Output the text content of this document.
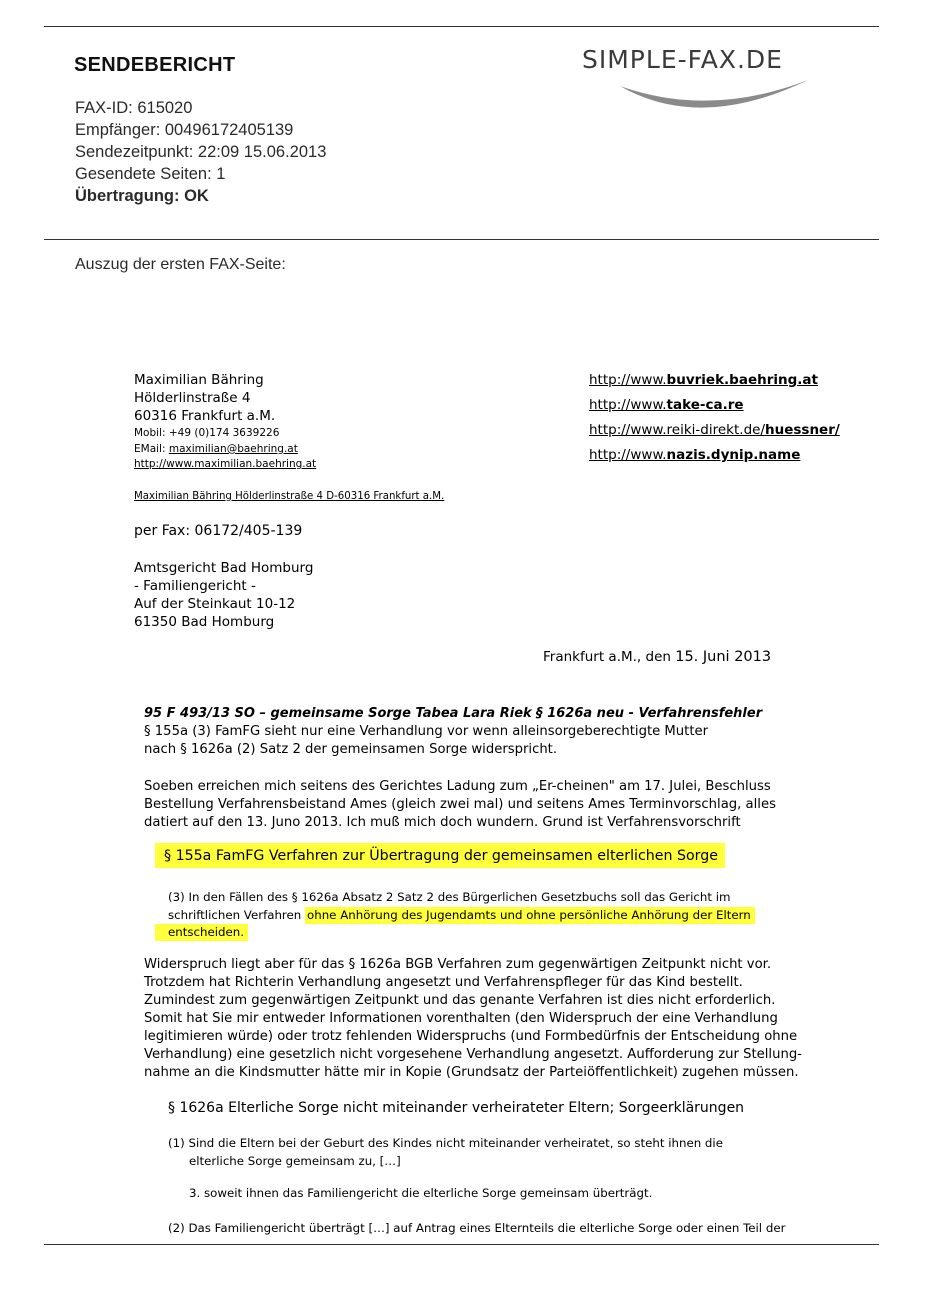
SENDEBERICHT	SIMPLE-FAX.DE
FAX-ID: 615020
Empfänger: 00496172405139
Sendezeitpunkt: 22:09 15.06.2013
Gesendete Seiten: 1
Übertragung: OK
Auszug der ersten FAX-Seite:
Maximilian Bähring
Hölderlinstraße 4
60316 Frankfurt a.M.
Mobil: +49 (0)174 3639226
EMail: maximilian@baehring.at
http://www.maximilian.baehring.at
http://www.buvriek.baehring.at
http://www.take-ca.re
http://www.reiki-direkt.de/huessner/
http://www.nazis.dynip.name
Maximilian Bähring Hölderlinstraße 4 D-60316 Frankfurt a.M.
per Fax: 06172/405-139
Amtsgericht Bad Homburg
- Familiengericht -
Auf der Steinkaut 10-12
61350 Bad Homburg
Frankfurt a.M., den 15. Juni 2013
95 F 493/13 SO – gemeinsame Sorge Tabea Lara Riek § 1626a neu - Verfahrensfehler
§ 155a (3) FamFG sieht nur eine Verhandlung vor wenn alleinsorgeberechtigte Mutter
nach § 1626a (2) Satz 2 der gemeinsamen Sorge widerspricht.
Soeben erreichen mich seitens des Gerichtes Ladung zum „Er-cheinen" am 17. Julei, Beschluss
Bestellung Verfahrensbeistand Ames (gleich zwei mal) und seitens Ames Terminvorschlag, alles
datiert auf den 13. Juno 2013. Ich muß mich doch wundern. Grund ist Verfahrensvorschrift
§ 155a FamFG Verfahren zur Übertragung der gemeinsamen elterlichen Sorge
(3) In den Fällen des § 1626a Absatz 2 Satz 2 des Bürgerlichen Gesetzbuchs soll das Gericht im
schriftlichen Verfahren ohne Anhörung des Jugendamts und ohne persönliche Anhörung der Eltern
entscheiden.
Widerspruch liegt aber für das § 1626a BGB Verfahren zum gegenwärtigen Zeitpunkt nicht vor.
Trotzdem hat Richterin Verhandlung angesetzt und Verfahrenspfleger für das Kind bestellt.
Zumindest zum gegenwärtigen Zeitpunkt und das genante Verfahren ist dies nicht erforderlich.
Somit hat Sie mir entweder Informationen vorenthalten (den Widerspruch der eine Verhandlung
legitimieren würde) oder trotz fehlenden Widerspruchs (und Formbedürfnis der Entscheidung ohne
Verhandlung) eine gesetzlich nicht vorgesehene Verhandlung angesetzt. Aufforderung zur Stellung-
nahme an die Kindsmutter hätte mir in Kopie (Grundsatz der Parteiöffentlichkeit) zugehen müssen.
§ 1626a Elterliche Sorge nicht miteinander verheirateter Eltern; Sorgeerklärungen
(1) Sind die Eltern bei der Geburt des Kindes nicht miteinander verheiratet, so steht ihnen die
elterliche Sorge gemeinsam zu, […]
3. soweit ihnen das Familiengericht die elterliche Sorge gemeinsam überträgt.
(2) Das Familiengericht überträgt […] auf Antrag eines Elternteils die elterliche Sorge oder einen Teil der
